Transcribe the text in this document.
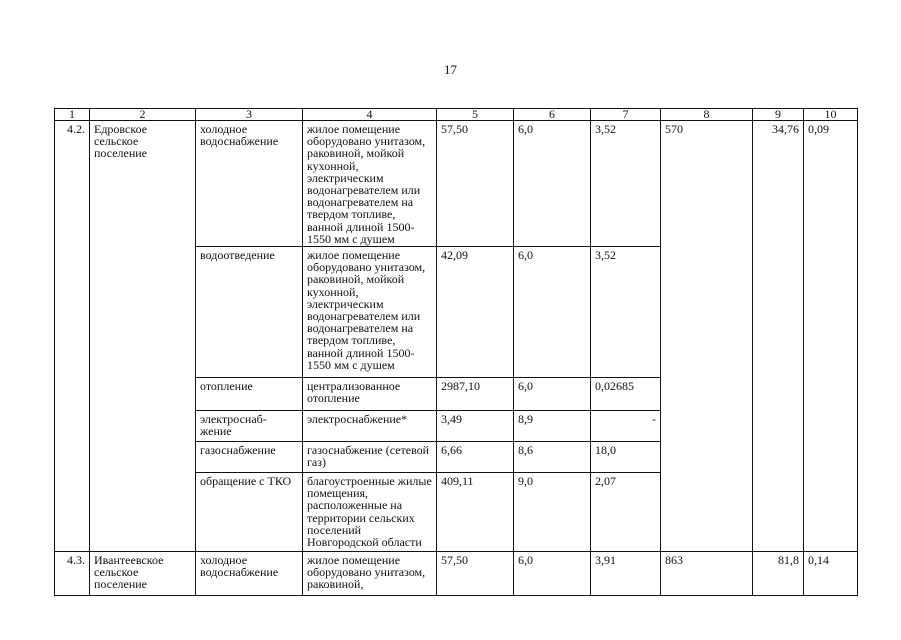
17
1	2	3	4	5	6	7	8	9	10
4.2.	Едровское сельское поселение	холодное водоснабжение	жилое помещение оборудовано унитазом, раковиной, мойкой кухонной, электрическим водонагревателем или водонагревателем на твердом топливе, ванной длиной 1500-1550 мм с душем	57,50	6,0	3,52	570	34,76	0,09
		водоотведение	жилое помещение оборудовано унитазом, раковиной, мойкой кухонной, электрическим водонагревателем или водонагревателем на твердом топливе, ванной длиной 1500-1550 мм с душем	42,09	6,0	3,52			
		отопление	централизованное отопление	2987,10	6,0	0,02685			
		электроснаб-жение	электроснабжение*	3,49	8,9	-			
		газоснабжение	газоснабжение (сетевой газ)	6,66	8,6	18,0			
		обращение с ТКО	благоустроенные жилые помещения, расположенные на территории сельских поселений Новгородской области	409,11	9,0	2,07			
4.3.	Ивантеевское сельское поселение	холодное водоснабжение	жилое помещение оборудовано унитазом, раковиной,	57,50	6,0	3,91	863	81,8	0,14
